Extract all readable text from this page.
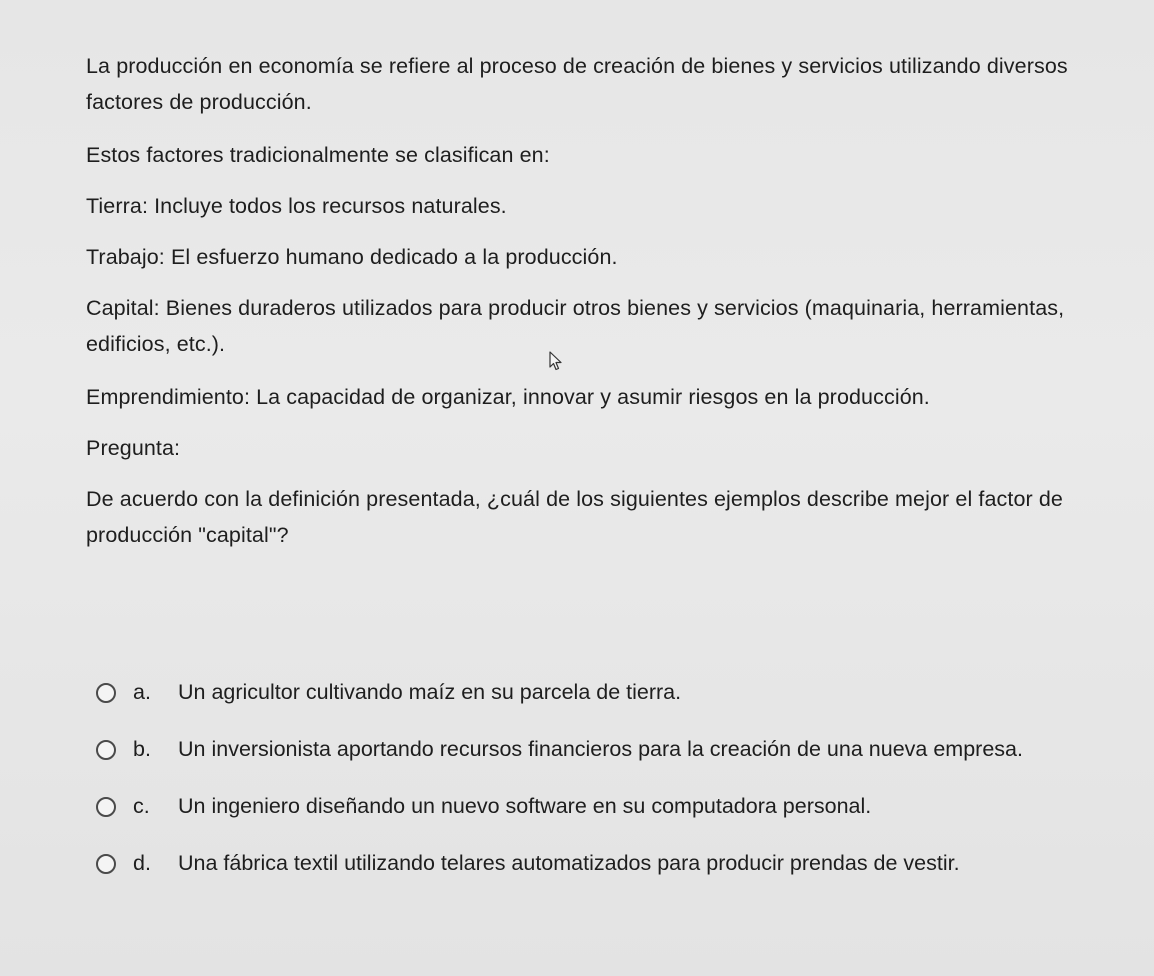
La producción en economía se refiere al proceso de creación de bienes y servicios utilizando diversos factores de producción.

Estos factores tradicionalmente se clasifican en:

Tierra: Incluye todos los recursos naturales.

Trabajo: El esfuerzo humano dedicado a la producción.

Capital: Bienes duraderos utilizados para producir otros bienes y servicios (maquinaria, herramientas, edificios, etc.).

Emprendimiento: La capacidad de organizar, innovar y asumir riesgos en la producción.

Pregunta:

De acuerdo con la definición presentada, ¿cuál de los siguientes ejemplos describe mejor el factor de producción "capital"?

a.	Un agricultor cultivando maíz en su parcela de tierra.
b.	Un inversionista aportando recursos financieros para la creación de una nueva empresa.
c.	Un ingeniero diseñando un nuevo software en su computadora personal.
d.	Una fábrica textil utilizando telares automatizados para producir prendas de vestir.
